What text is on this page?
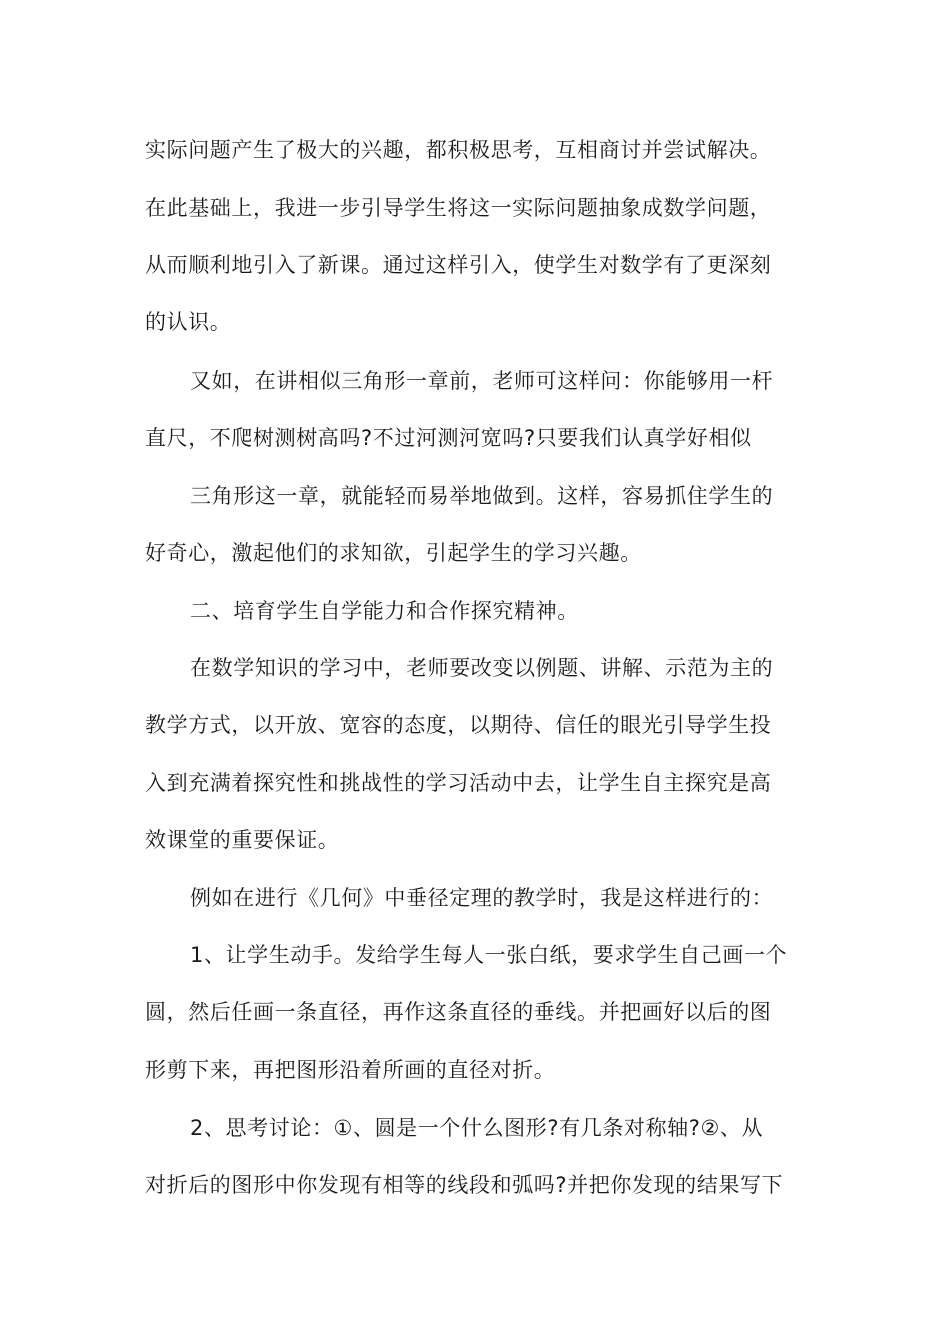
实际问题产生了极大的兴趣，都积极思考，互相商讨并尝试解决。
在此基础上，我进一步引导学生将这一实际问题抽象成数学问题，
从而顺利地引入了新课。通过这样引入，使学生对数学有了更深刻
的认识。
又如，在讲相似三角形一章前，老师可这样问：你能够用一杆
直尺，不爬树测树高吗?不过河测河宽吗?只要我们认真学好相似
三角形这一章，就能轻而易举地做到。这样，容易抓住学生的
好奇心，激起他们的求知欲，引起学生的学习兴趣。
二、培育学生自学能力和合作探究精神。
在数学知识的学习中，老师要改变以例题、讲解、示范为主的
教学方式，以开放、宽容的态度，以期待、信任的眼光引导学生投
入到充满着探究性和挑战性的学习活动中去，让学生自主探究是高
效课堂的重要保证。
例如在进行《几何》中垂径定理的教学时，我是这样进行的：
1、让学生动手。发给学生每人一张白纸，要求学生自己画一个
圆，然后任画一条直径，再作这条直径的垂线。并把画好以后的图
形剪下来，再把图形沿着所画的直径对折。
2、思考讨论：①、圆是一个什么图形?有几条对称轴?②、从
对折后的图形中你发现有相等的线段和弧吗?并把你发现的结果写下
